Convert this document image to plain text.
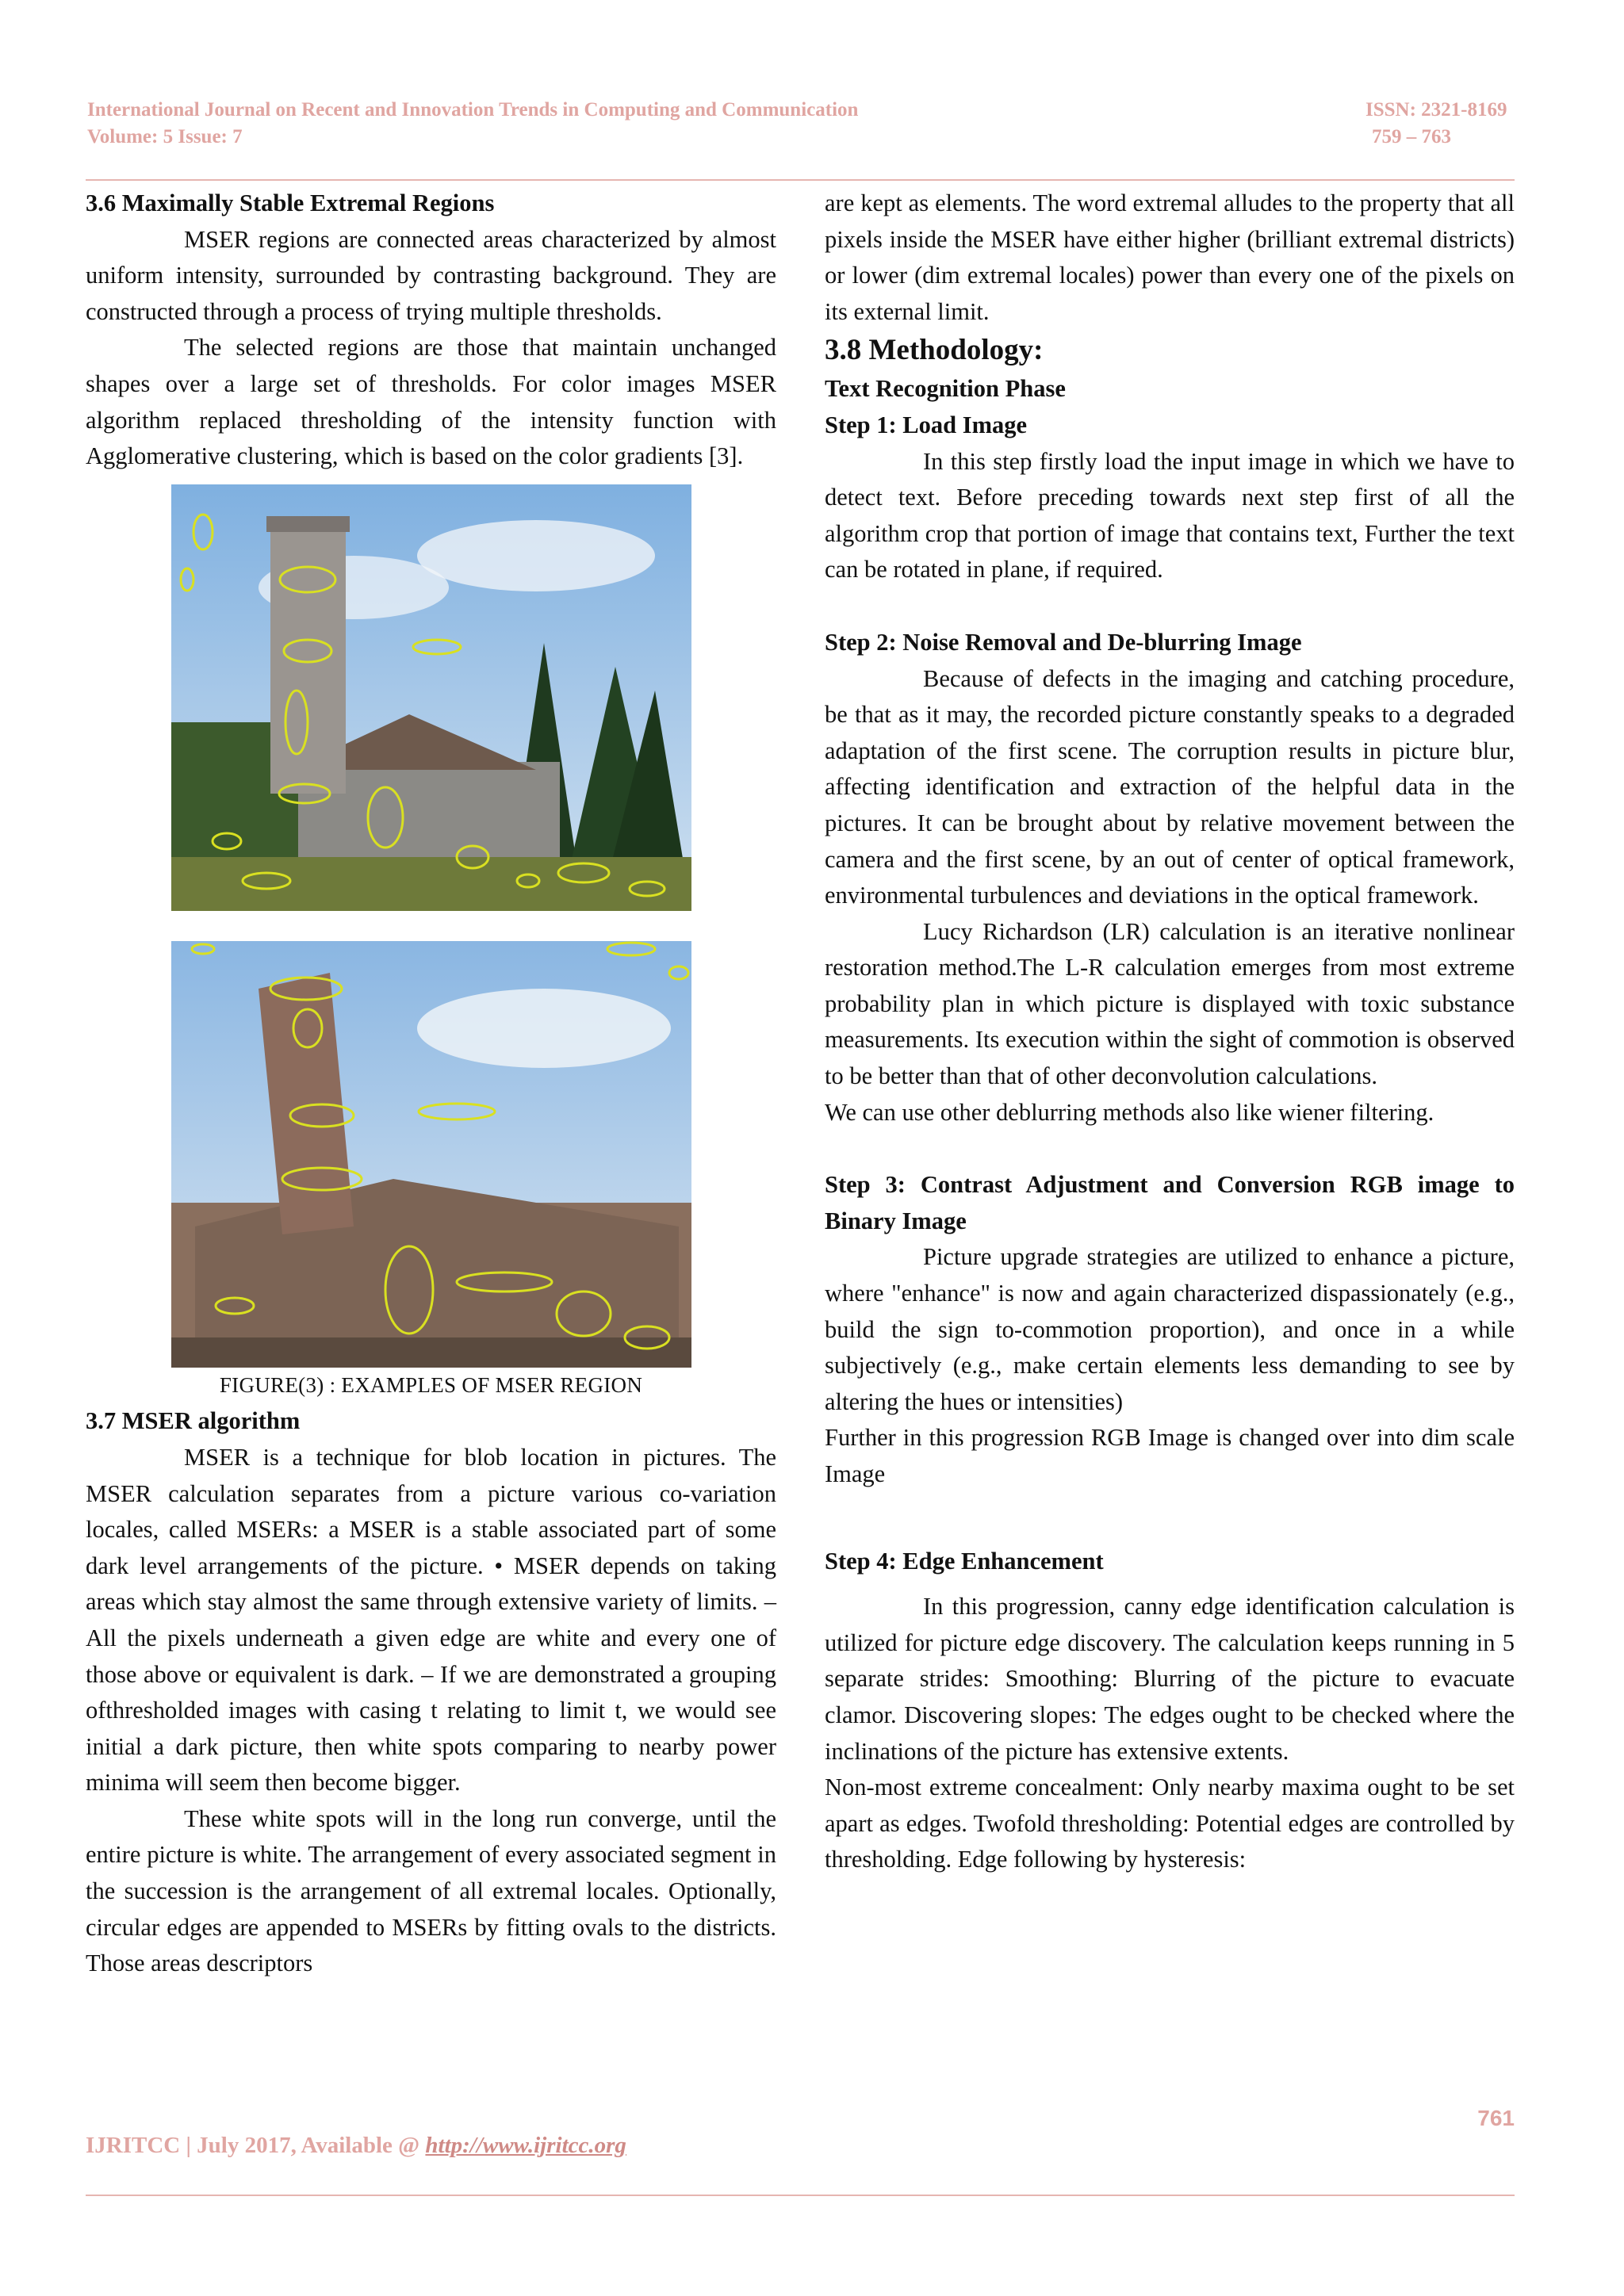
International Journal on Recent and Innovation Trends in Computing and Communication	ISSN: 2321-8169
Volume: 5 Issue: 7	759 – 763

3.6 Maximally Stable Extremal Regions

MSER regions are connected areas characterized by almost uniform intensity, surrounded by contrasting background. They are constructed through a process of trying multiple thresholds.

The selected regions are those that maintain unchanged shapes over a large set of thresholds. For color images MSER algorithm replaced thresholding of the intensity function with Agglomerative clustering, which is based on the color gradients [3].

FIGURE(3) : EXAMPLES OF MSER REGION

3.7 MSER algorithm

MSER is a technique for blob location in pictures. The MSER calculation separates from a picture various co-variation locales, called MSERs: a MSER is a stable associated part of some dark level arrangements of the picture. • MSER depends on taking areas which stay almost the same through extensive variety of limits. – All the pixels underneath a given edge are white and every one of those above or equivalent is dark. – If we are demonstrated a grouping ofthresholded images with casing t relating to limit t, we would see initial a dark picture, then white spots comparing to nearby power minima will seem then become bigger.

These white spots will in the long run converge, until the entire picture is white. The arrangement of every associated segment in the succession is the arrangement of all extremal locales. Optionally, circular edges are appended to MSERs by fitting ovals to the districts. Those areas descriptors

are kept as elements. The word extremal alludes to the property that all pixels inside the MSER have either higher (brilliant extremal districts) or lower (dim extremal locales) power than every one of the pixels on its external limit.

3.8 Methodology:

Text Recognition Phase

Step 1: Load Image

In this step firstly load the input image in which we have to detect text. Before preceding towards next step first of all the algorithm crop that portion of image that contains text, Further the text can be rotated in plane, if required.

Step 2: Noise Removal and De-blurring Image

Because of defects in the imaging and catching procedure, be that as it may, the recorded picture constantly speaks to a degraded adaptation of the first scene. The corruption results in picture blur, affecting identification and extraction of the helpful data in the pictures. It can be brought about by relative movement between the camera and the first scene, by an out of center of optical framework, environmental turbulences and deviations in the optical framework.

Lucy Richardson (LR) calculation is an iterative nonlinear restoration method.The L-R calculation emerges from most extreme probability plan in which picture is displayed with toxic substance measurements. Its execution within the sight of commotion is observed to be better than that of other deconvolution calculations.

We can use other deblurring methods also like wiener filtering.

Step 3: Contrast Adjustment and Conversion RGB image to Binary Image

Picture upgrade strategies are utilized to enhance a picture, where "enhance" is now and again characterized dispassionately (e.g., build the sign to-commotion proportion), and once in a while subjectively (e.g., make certain elements less demanding to see by altering the hues or intensities)

Further in this progression RGB Image is changed over into dim scale Image

Step 4: Edge Enhancement

In this progression, canny edge identification calculation is utilized for picture edge discovery. The calculation keeps running in 5 separate strides: Smoothing: Blurring of the picture to evacuate clamor. Discovering slopes: The edges ought to be checked where the inclinations of the picture has extensive extents.

Non-most extreme concealment: Only nearby maxima ought to be set apart as edges. Twofold thresholding: Potential edges are controlled by thresholding. Edge following by hysteresis:

761
IJRITCC | July 2017, Available @ http://www.ijritcc.org
